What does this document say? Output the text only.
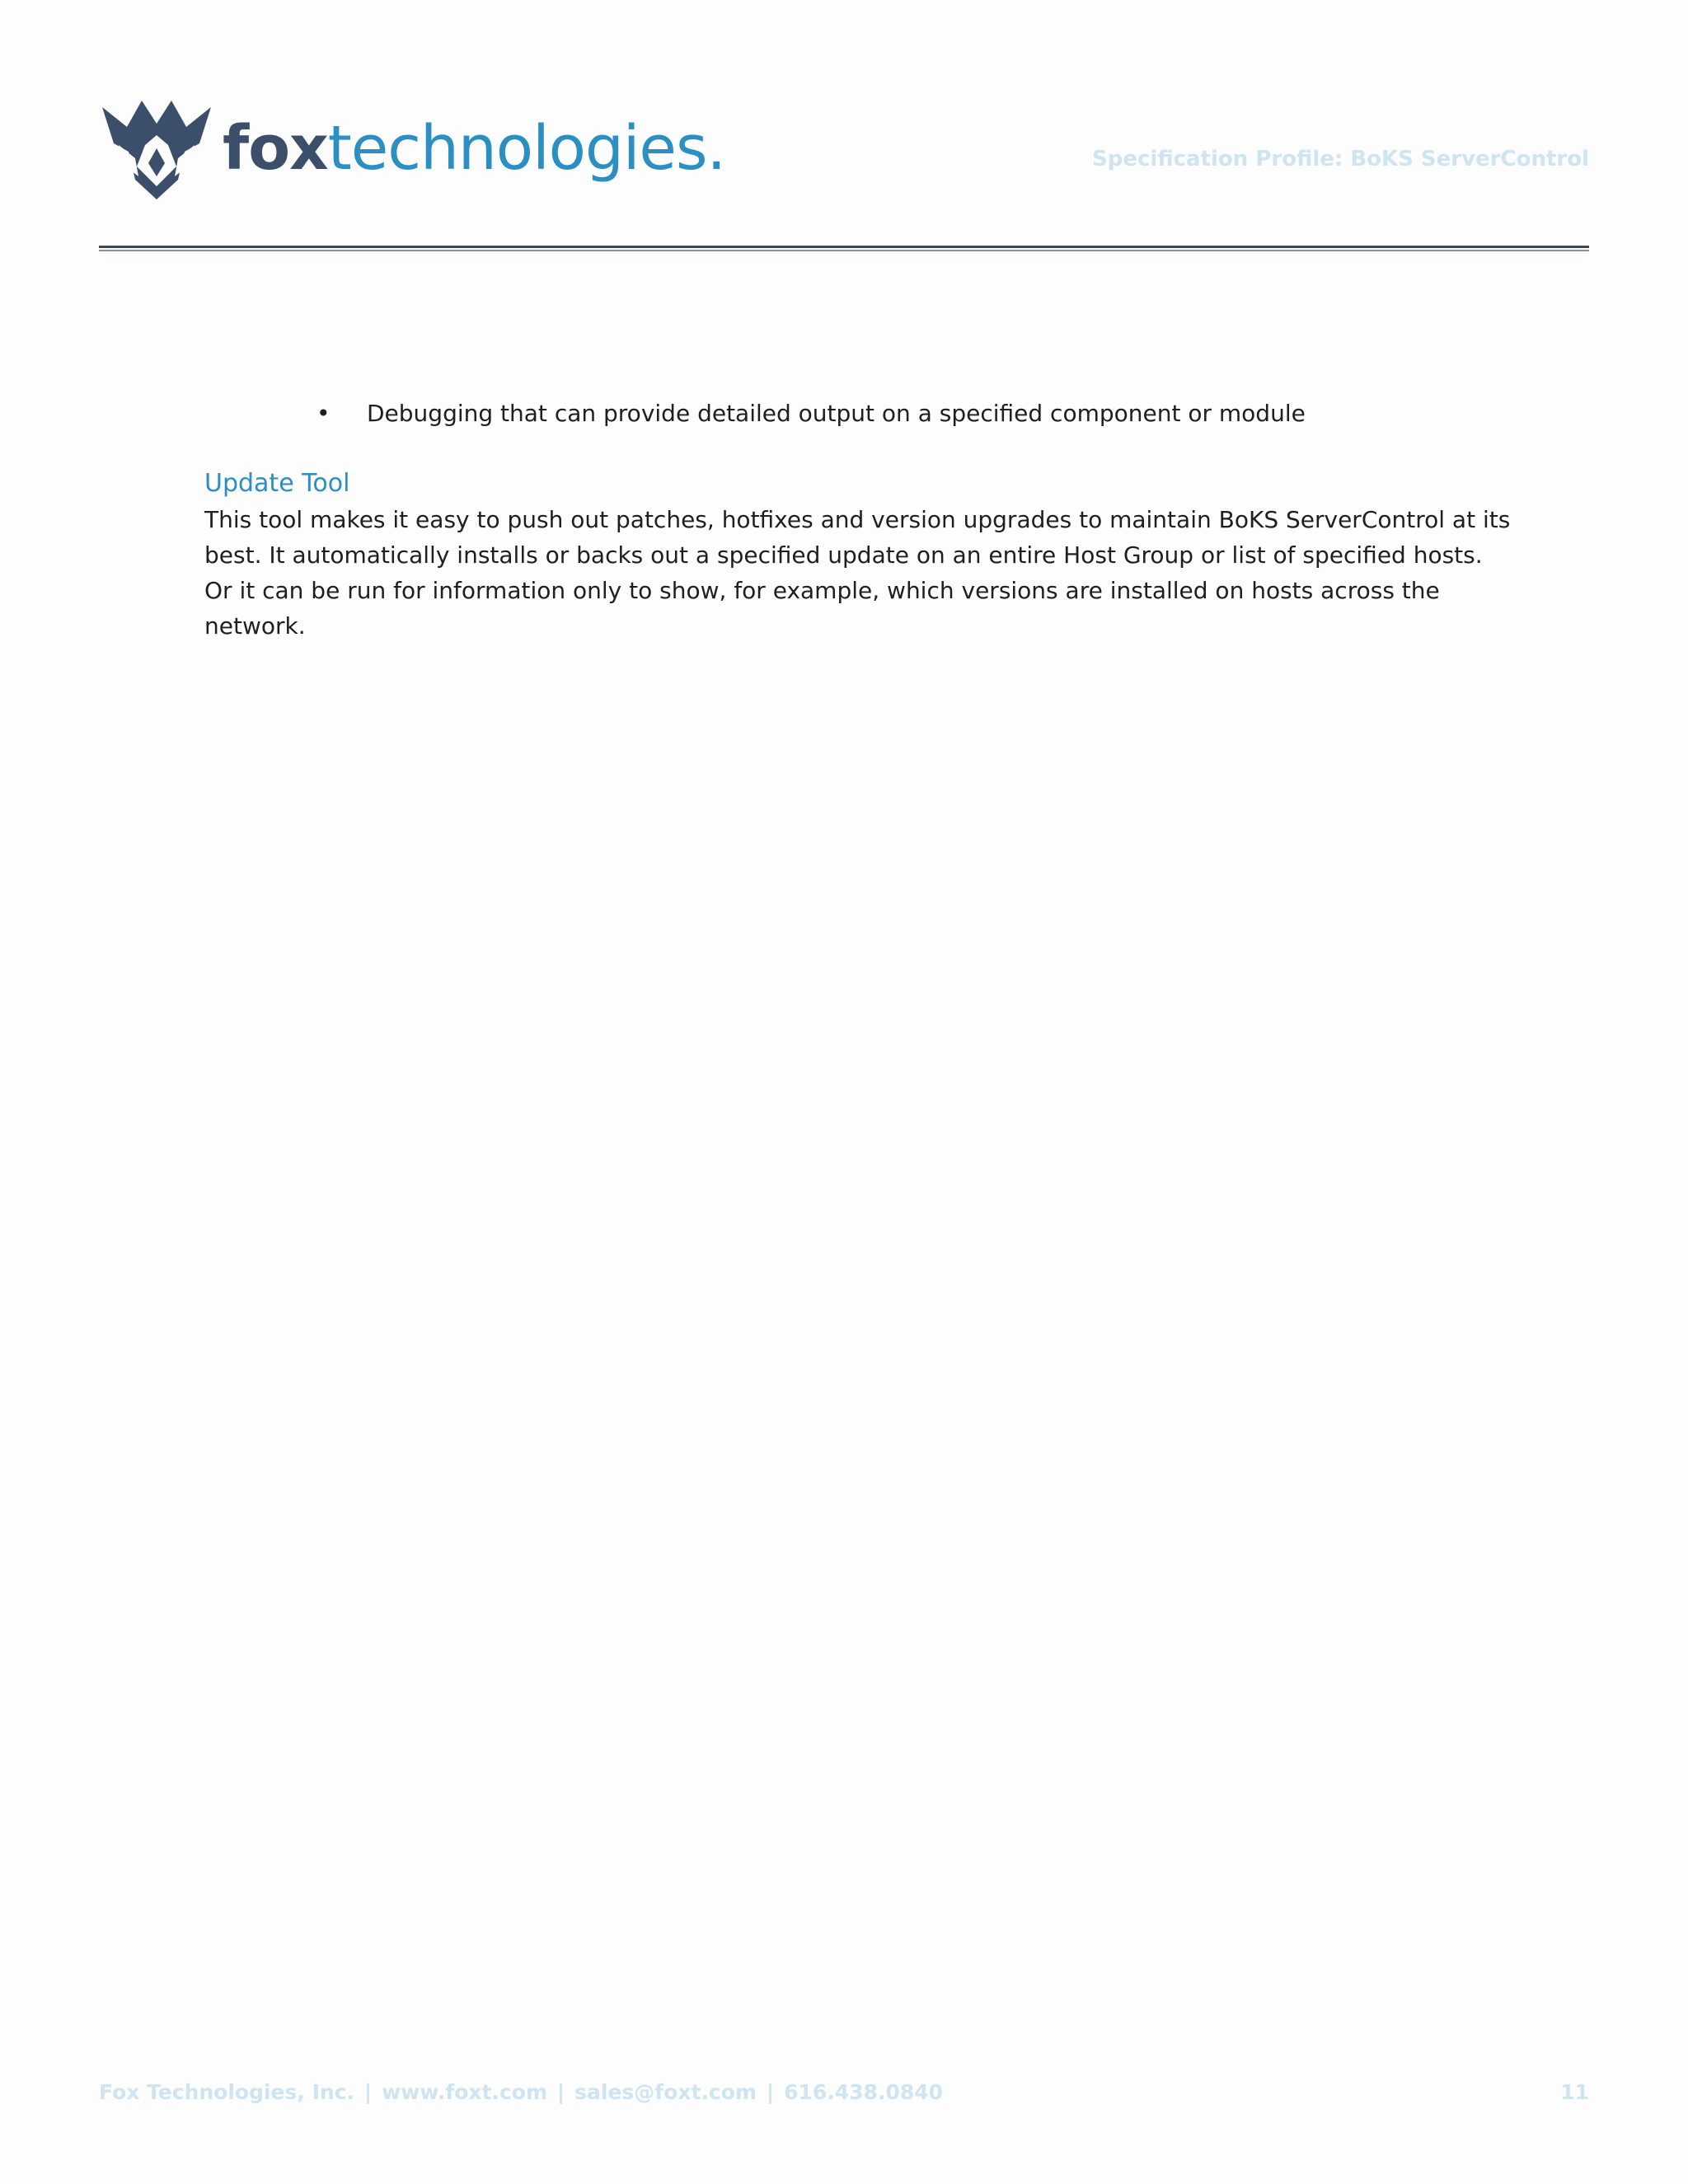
foxtechnologies.	Specification Profile: BoKS ServerControl
• Debugging that can provide detailed output on a specified component or module
Update Tool

This tool makes it easy to push out patches, hotfixes and version upgrades to maintain BoKS ServerControl at its best. It automatically installs or backs out a specified update on an entire Host Group or list of specified hosts. Or it can be run for information only to show, for example, which versions are installed on hosts across the network.

Fox Technologies, Inc. | www.foxt.com | sales@foxt.com | 616.438.0840	11
